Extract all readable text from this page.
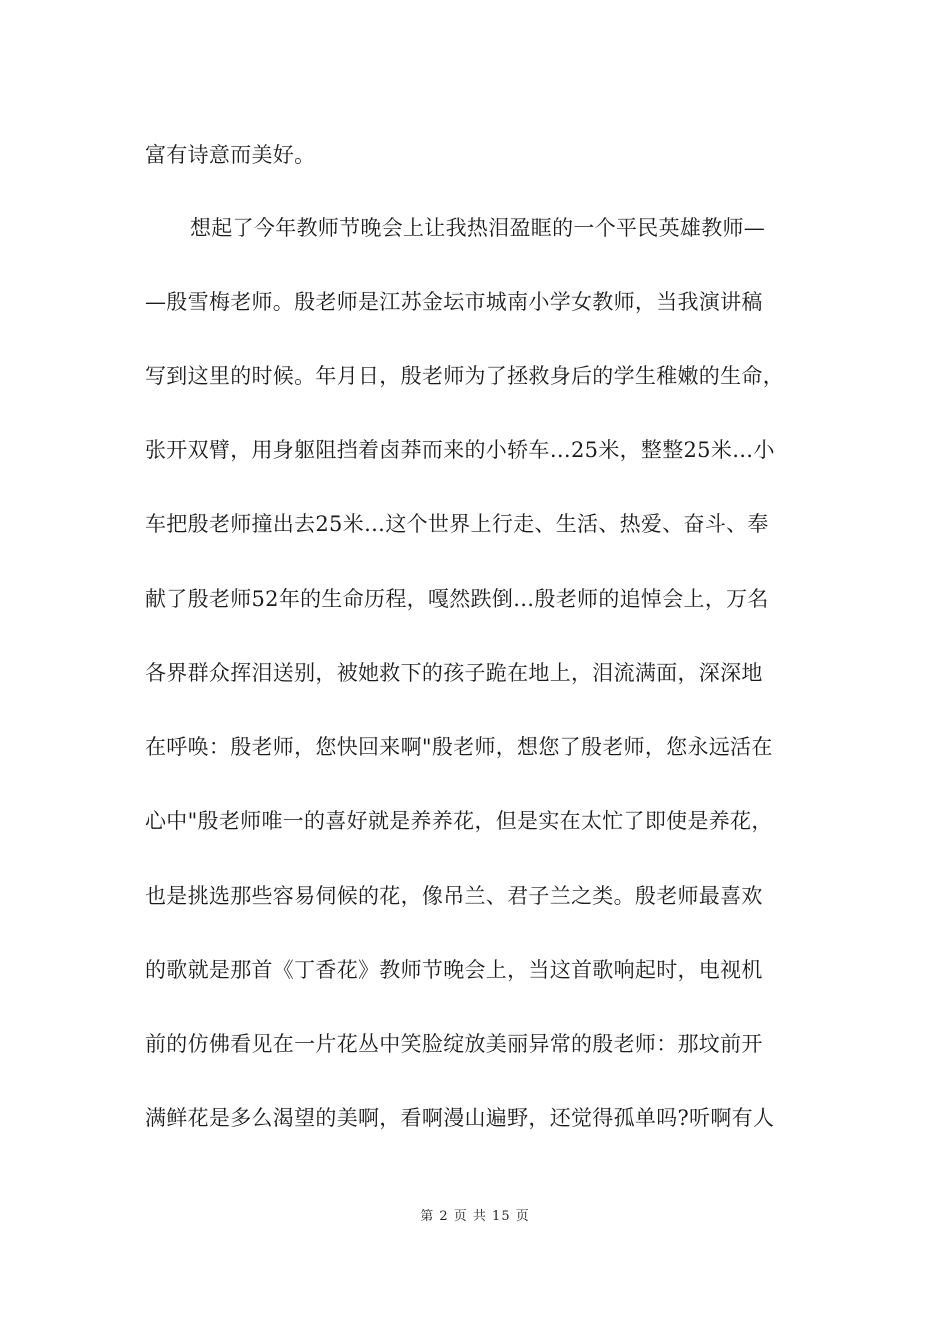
富有诗意而美好。
想起了今年教师节晚会上让我热泪盈眶的一个平民英雄教师—
—殷雪梅老师。殷老师是江苏金坛市城南小学女教师，当我演讲稿
写到这里的时候。年月日，殷老师为了拯救身后的学生稚嫩的生命，
张开双臂，用身躯阻挡着卤莽而来的小轿车…25米，整整25米…小
车把殷老师撞出去25米…这个世界上行走、生活、热爱、奋斗、奉
献了殷老师52年的生命历程，嘎然跌倒…殷老师的追悼会上，万名
各界群众挥泪送别，被她救下的孩子跪在地上，泪流满面，深深地
在呼唤：殷老师，您快回来啊"殷老师，想您了殷老师，您永远活在
心中"殷老师唯一的喜好就是养养花，但是实在太忙了即使是养花，
也是挑选那些容易伺候的花，像吊兰、君子兰之类。殷老师最喜欢
的歌就是那首《丁香花》教师节晚会上，当这首歌响起时，电视机
前的仿佛看见在一片花丛中笑脸绽放美丽异常的殷老师：那坟前开
满鲜花是多么渴望的美啊，看啊漫山遍野，还觉得孤单吗?听啊有人
第 2 页 共 15 页
